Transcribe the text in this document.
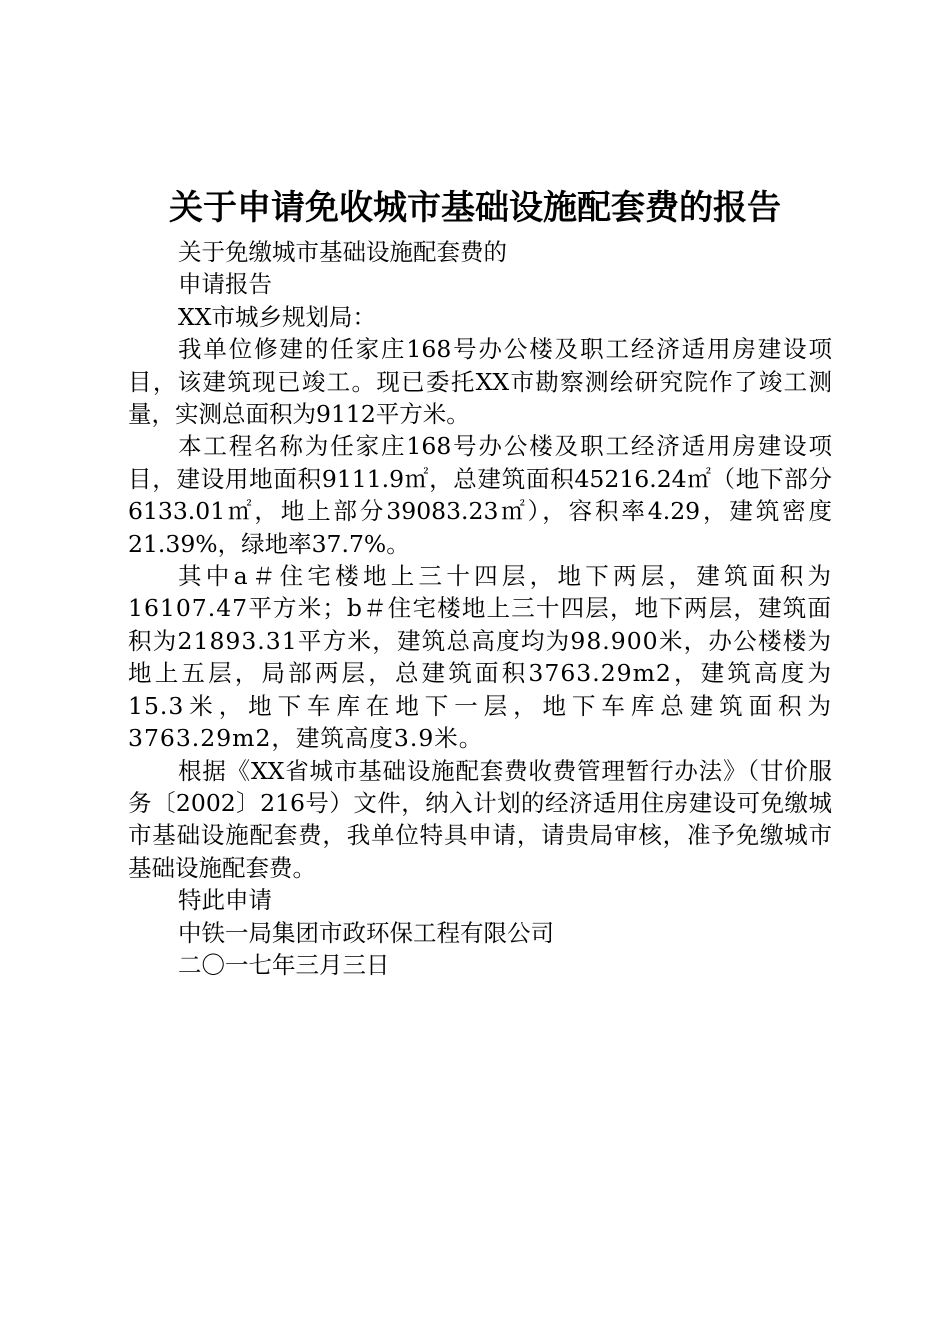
关于申请免收城市基础设施配套费的报告

关于免缴城市基础设施配套费的

申请报告

XX市城乡规划局：

我单位修建的任家庄168号办公楼及职工经济适用房建设项目，该建筑现已竣工。现已委托XX市勘察测绘研究院作了竣工测量，实测总面积为9112平方米。

本工程名称为任家庄168号办公楼及职工经济适用房建设项目，建设用地面积9111.9㎡，总建筑面积45216.24㎡（地下部分6133.01㎡，地上部分39083.23㎡），容积率4.29，建筑密度21.39%，绿地率37.7%。

其中a＃住宅楼地上三十四层，地下两层，建筑面积为16107.47平方米；b＃住宅楼地上三十四层，地下两层，建筑面积为21893.31平方米，建筑总高度均为98.900米，办公楼楼为地上五层，局部两层，总建筑面积3763.29m2，建筑高度为15.3米，地下车库在地下一层，地下车库总建筑面积为3763.29m2，建筑高度3.9米。

根据《XX省城市基础设施配套费收费管理暂行办法》（甘价服务〔2002〕216号）文件，纳入计划的经济适用住房建设可免缴城市基础设施配套费，我单位特具申请，请贵局审核，准予免缴城市基础设施配套费。

特此申请

中铁一局集团市政环保工程有限公司

二〇一七年三月三日
